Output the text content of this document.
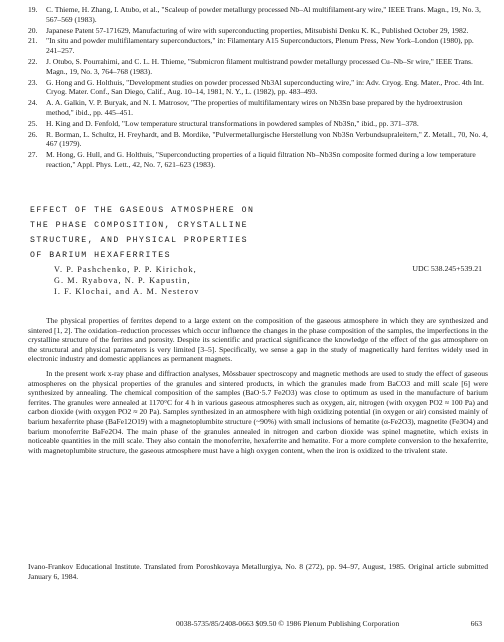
19.	C. Thieme, H. Zhang, I. Atubo, et al., "Scaleup of powder metallurgy processed Nb–Al multifilament-ary wire," IEEE Trans. Magn., 19, No. 3, 567–569 (1983).
20.	Japanese Patent 57-171629, Manufacturing of wire with superconducting properties, Mitsubishi Denku K. K., Published October 29, 1982.
21.	"In situ and powder multifilamentary superconductors," in: Filamentary A15 Superconductors, Plenum Press, New York–London (1980), pp. 241–257.
22.	J. Otubo, S. Pourrahimi, and C. L. H. Thieme, "Submicron filament multistrand powder metallurgy processed Cu–Nb–Sr wire," IEEE Trans. Magn., 19, No. 3, 764–768 (1983).
23.	G. Hong and G. Holthuis, "Development studies on powder processed Nb3Al superconducting wire," in: Adv. Cryog. Eng. Mater., Proc. 4th Int. Cryog. Mater. Conf., San Diego, Calif., Aug. 10–14, 1981, N. Y., L. (1982), pp. 483–493.
24.	A. A. Galkin, V. P. Buryak, and N. I. Matrosov, "The properties of multifilamentary wires on Nb3Sn base prepared by the hydroextrusion method," ibid., pp. 445–451.
25.	H. King and D. Fenfold, "Low temperature structural transformations in powdered samples of Nb3Sn," ibid., pp. 371–378.
26.	R. Borman, L. Schultz, H. Freyhardt, and B. Mordike, "Pulvermetallurgische Herstellung von Nb3Sn Verbundsupraleitern," Z. Metall., 70, No. 4, 467 (1979).
27.	M. Hong, G. Hull, and G. Holthuis, "Superconducting properties of a liquid filtration Nb–Nb3Sn composite formed during a low temperature reaction," Appl. Phys. Lett., 42, No. 7, 621–623 (1983).
EFFECT OF THE GASEOUS ATMOSPHERE ON
THE PHASE COMPOSITION, CRYSTALLINE
STRUCTURE, AND PHYSICAL PROPERTIES
OF BARIUM HEXAFERRITES
V. P. Pashchenko, P. P. Kirichok,
G. M. Ryabova, N. P. Kapustin,
I. F. Klochai, and A. M. Nesterov
UDC 538.245+539.21

The physical properties of ferrites depend to a large extent on the composition of the gaseous atmosphere in which they are synthesized and sintered [1, 2]. The oxidation–reduction processes which occur influence the changes in the phase composition of the samples, the imperfections in the crystalline structure of the ferrites and porosity. Despite its scientific and practical significance the knowledge of the effect of the gas atmosphere on the structural and physical parameters is very limited [3–5]. Specifically, we sense a gap in the study of magnetically hard ferrites widely used in electronic industry and domestic appliances as permanent magnets.

In the present work x-ray phase and diffraction analyses, Mössbauer spectroscopy and magnetic methods are used to study the effect of gaseous atmospheres on the physical properties of the granules and sintered products, in which the granules made from BaCO3 and mill scale [6] were synthesized by annealing. The chemical composition of the samples (BaO·5.7 Fe2O3) was close to optimum as used in the manufacture of barium ferrites. The granules were annealed at 1170°C for 4 h in various gaseous atmospheres such as oxygen, air, nitrogen (with oxygen PO2 ≈ 100 Pa) and carbon dioxide (with oxygen PO2 ≈ 20 Pa). Samples synthesized in an atmosphere with high oxidizing potential (in oxygen or air) consisted mainly of barium hexaferrite phase (BaFe12O19) with a magnetoplumbite structure (~90%) with small inclusions of hematite (α-Fe2O3), magnetite (Fe3O4) and barium monoferrite BaFe2O4. The main phase of the granules annealed in nitrogen and carbon dioxide was spinel magnetite, which exists in noticeable quantities in the mill scale. They also contain the monoferrite, hexaferrite and hematite. For a more complete conversion to the hexaferrite, with magnetoplumbite structure, the gaseous atmosphere must have a high oxygen content, when the iron is oxidized to the trivalent state.

Ivano-Frankov Educational Institute. Translated from Poroshkovaya Metallurgiya, No. 8 (272), pp. 94–97, August, 1985. Original article submitted January 6, 1984.
0038-5735/85/2408-0663 $09.50 © 1986 Plenum Publishing Corporation	663
